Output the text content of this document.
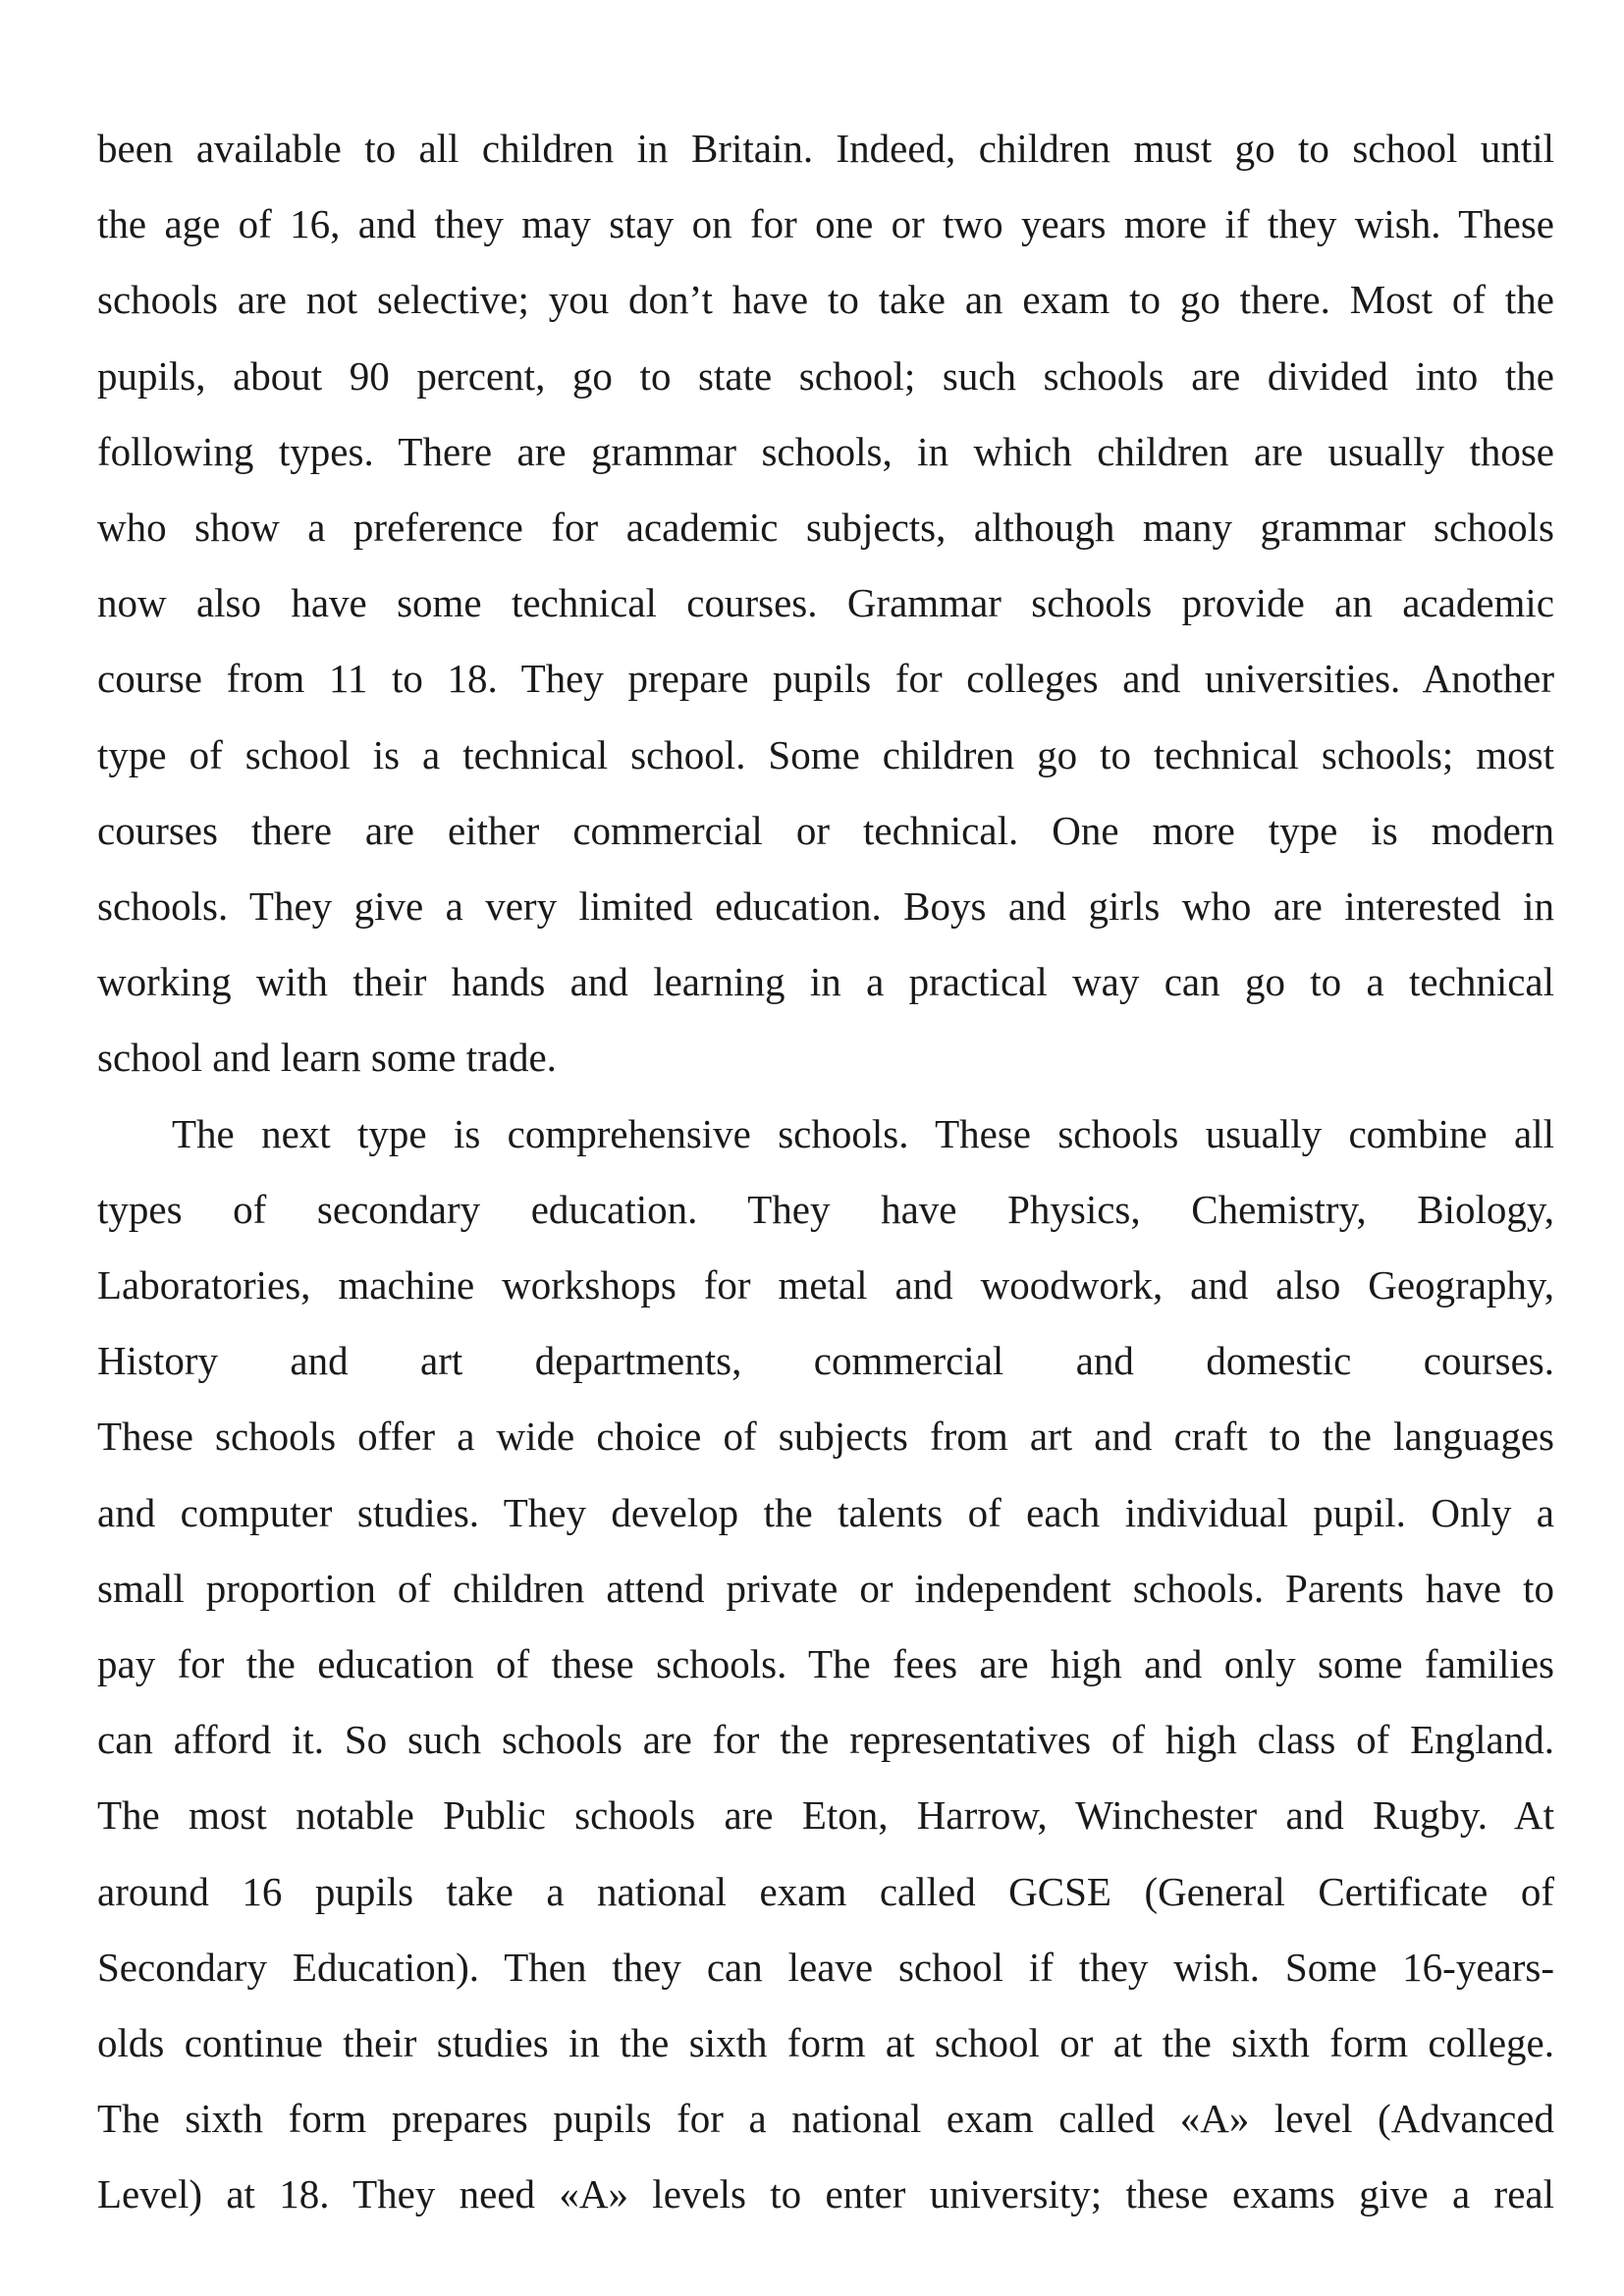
been available to all children in Britain. Indeed, children must go to school until
the age of 16, and they may stay on for one or two years more if they wish. These
schools are not selective; you don’t have to take an exam to go there. Most of the
pupils, about 90 percent, go to state school; such schools are divided into the
following types. There are grammar schools, in which children are usually those
who show a preference for academic subjects, although many grammar schools
now also have some technical courses. Grammar schools provide an academic
course from 11 to 18. They prepare pupils for colleges and universities. Another
type of school is a technical school. Some children go to technical schools; most
courses there are either commercial or technical. One more type is modern
schools. They give a very limited education. Boys and girls who are interested in
working with their hands and learning in a practical way can go to a technical
school and learn some trade.
The next type is comprehensive schools. These schools usually combine all
types of secondary education. They have Physics, Chemistry, Biology,
Laboratories, machine workshops for metal and woodwork, and also Geography,
History and art departments, commercial and domestic courses.
These schools offer a wide choice of subjects from art and craft to the languages
and computer studies. They develop the talents of each individual pupil. Only a
small proportion of children attend private or independent schools. Parents have to
pay for the education of these schools. The fees are high and only some families
can afford it. So such schools are for the representatives of high class of England.
The most notable Public schools are Eton, Harrow, Winchester and Rugby. At
around 16 pupils take a national exam called GCSE (General Certificate of
Secondary Education). Then they can leave school if they wish. Some 16-years-
olds continue their studies in the sixth form at school or at the sixth form college.
The sixth form prepares pupils for a national exam called «A» level (Advanced
Level) at 18. They need «A» levels to enter university; these exams give a real
